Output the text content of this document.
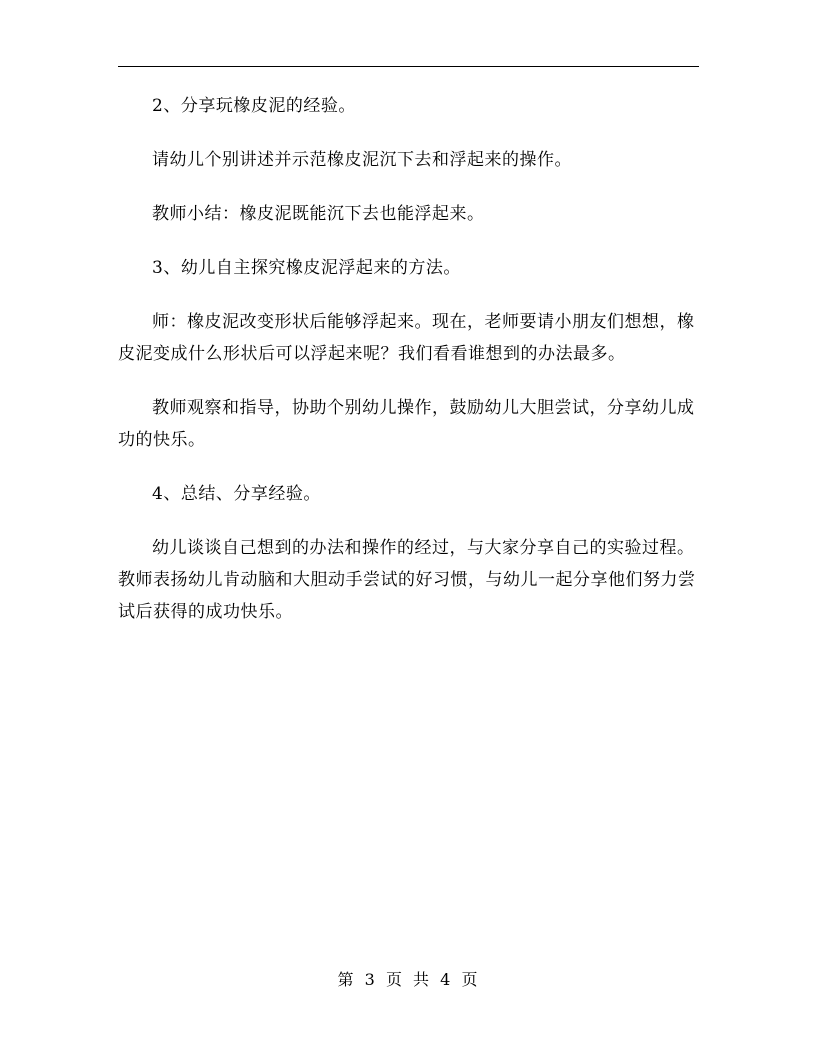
2、分享玩橡皮泥的经验。

请幼儿个别讲述并示范橡皮泥沉下去和浮起来的操作。

教师小结：橡皮泥既能沉下去也能浮起来。

3、幼儿自主探究橡皮泥浮起来的方法。

师：橡皮泥改变形状后能够浮起来。现在，老师要请小朋友们想想，橡皮泥变成什么形状后可以浮起来呢？我们看看谁想到的办法最多。

教师观察和指导，协助个别幼儿操作，鼓励幼儿大胆尝试，分享幼儿成功的快乐。

4、总结、分享经验。

幼儿谈谈自己想到的办法和操作的经过，与大家分享自己的实验过程。教师表扬幼儿肯动脑和大胆动手尝试的好习惯，与幼儿一起分享他们努力尝试后获得的成功快乐。

第 3 页 共 4 页
